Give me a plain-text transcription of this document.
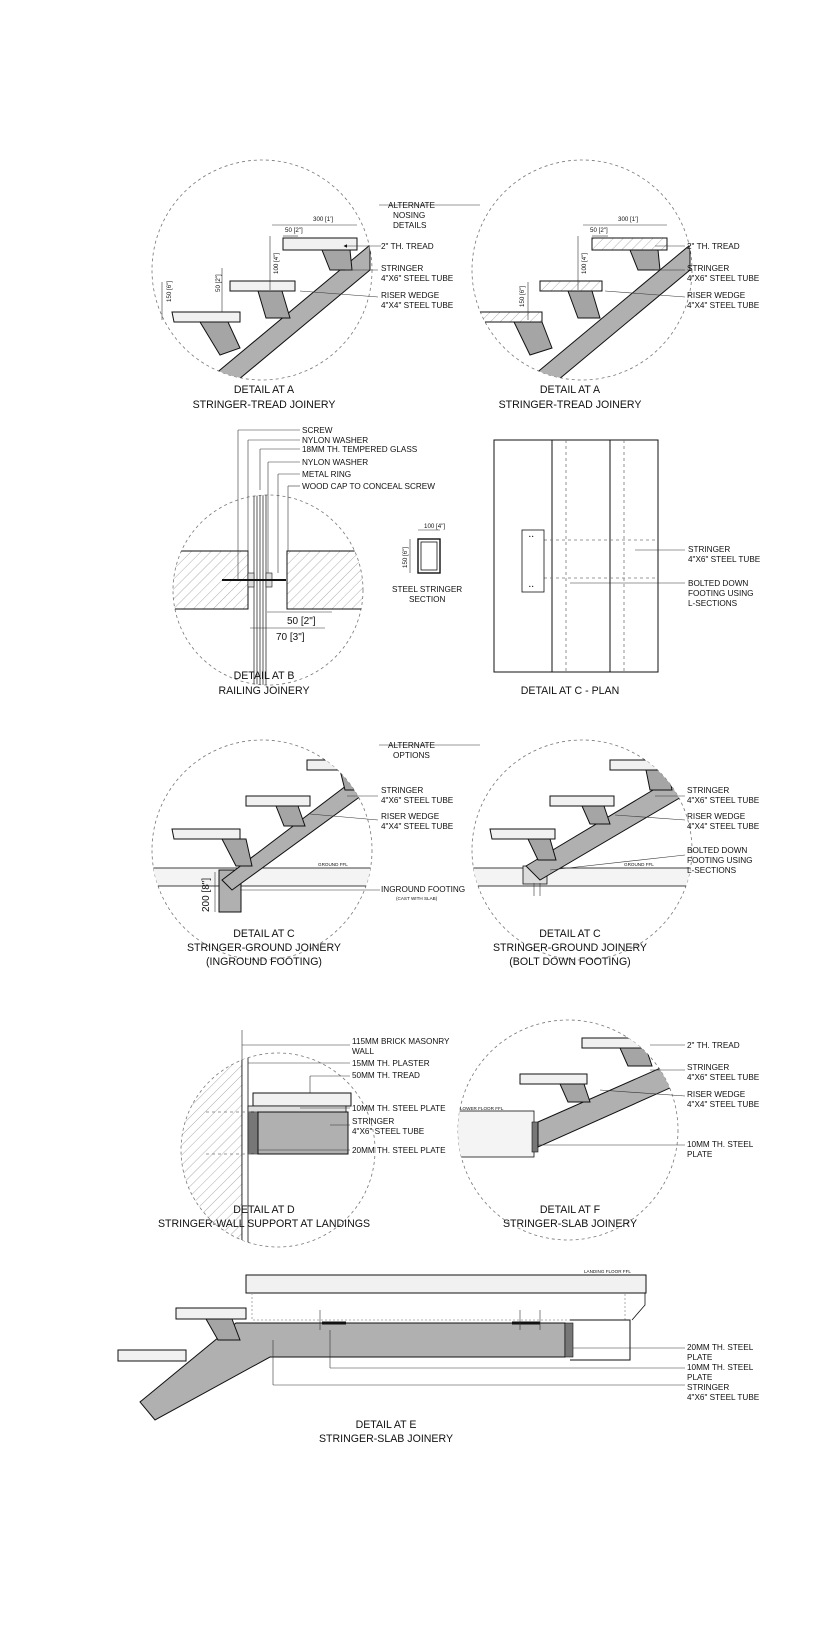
ALTERNATE
NOSING
DETAILS
300 [1']
50 [2"]
100 [4"]
50 [2"]
150 [6"]
2" TH. TREAD
STRINGER
4"X6" STEEL TUBE
RISER WEDGE
4"X4" STEEL TUBE
DETAIL AT A
STRINGER-TREAD JOINERY
300 [1']
50 [2"]
100 [4"]
150 [6"]
2" TH. TREAD
STRINGER
4"X6" STEEL TUBE
RISER WEDGE
4"X4" STEEL TUBE
DETAIL AT A
STRINGER-TREAD JOINERY
SCREW
NYLON WASHER
18MM TH. TEMPERED GLASS
NYLON WASHER
METAL RING
WOOD CAP TO CONCEAL SCREW
50 [2"]
70 [3"]
DETAIL AT B
RAILING JOINERY
100 [4"]
150 [6"]
STEEL STRINGER
SECTION
• •
• •
STRINGER
4"X6" STEEL TUBE
BOLTED DOWN
FOOTING USING
L-SECTIONS
DETAIL AT C - PLAN
ALTERNATE
OPTIONS
STRINGER
4"X6" STEEL TUBE
RISER WEDGE
4"X4" STEEL TUBE
GROUND FFL
200 [8"]	INGROUND FOOTING
(CAST WITH SLAB)
DETAIL AT C
STRINGER-GROUND JOINERY
(INGROUND FOOTING)
STRINGER
4"X6" STEEL TUBE
RISER WEDGE
4"X4" STEEL TUBE
GROUND FFL
BOLTED DOWN
FOOTING USING
L-SECTIONS
DETAIL AT C
STRINGER-GROUND JOINERY
(BOLT DOWN FOOTING)
115MM BRICK MASONRY
WALL
15MM TH. PLASTER
50MM TH. TREAD
10MM TH. STEEL PLATE
STRINGER
4"X6" STEEL TUBE
20MM TH. STEEL PLATE
DETAIL AT D
STRINGER-WALL SUPPORT AT LANDINGS
2" TH. TREAD
LOWER FLOOR FFL
STRINGER
4"X6" STEEL TUBE
RISER WEDGE
4"X4" STEEL TUBE
10MM TH. STEEL
PLATE
DETAIL AT F
STRINGER-SLAB JOINERY
LANDING FLOOR FFL
20MM TH. STEEL
PLATE
10MM TH. STEEL
PLATE
STRINGER
4"X6" STEEL TUBE
DETAIL AT E
STRINGER-SLAB JOINERY
